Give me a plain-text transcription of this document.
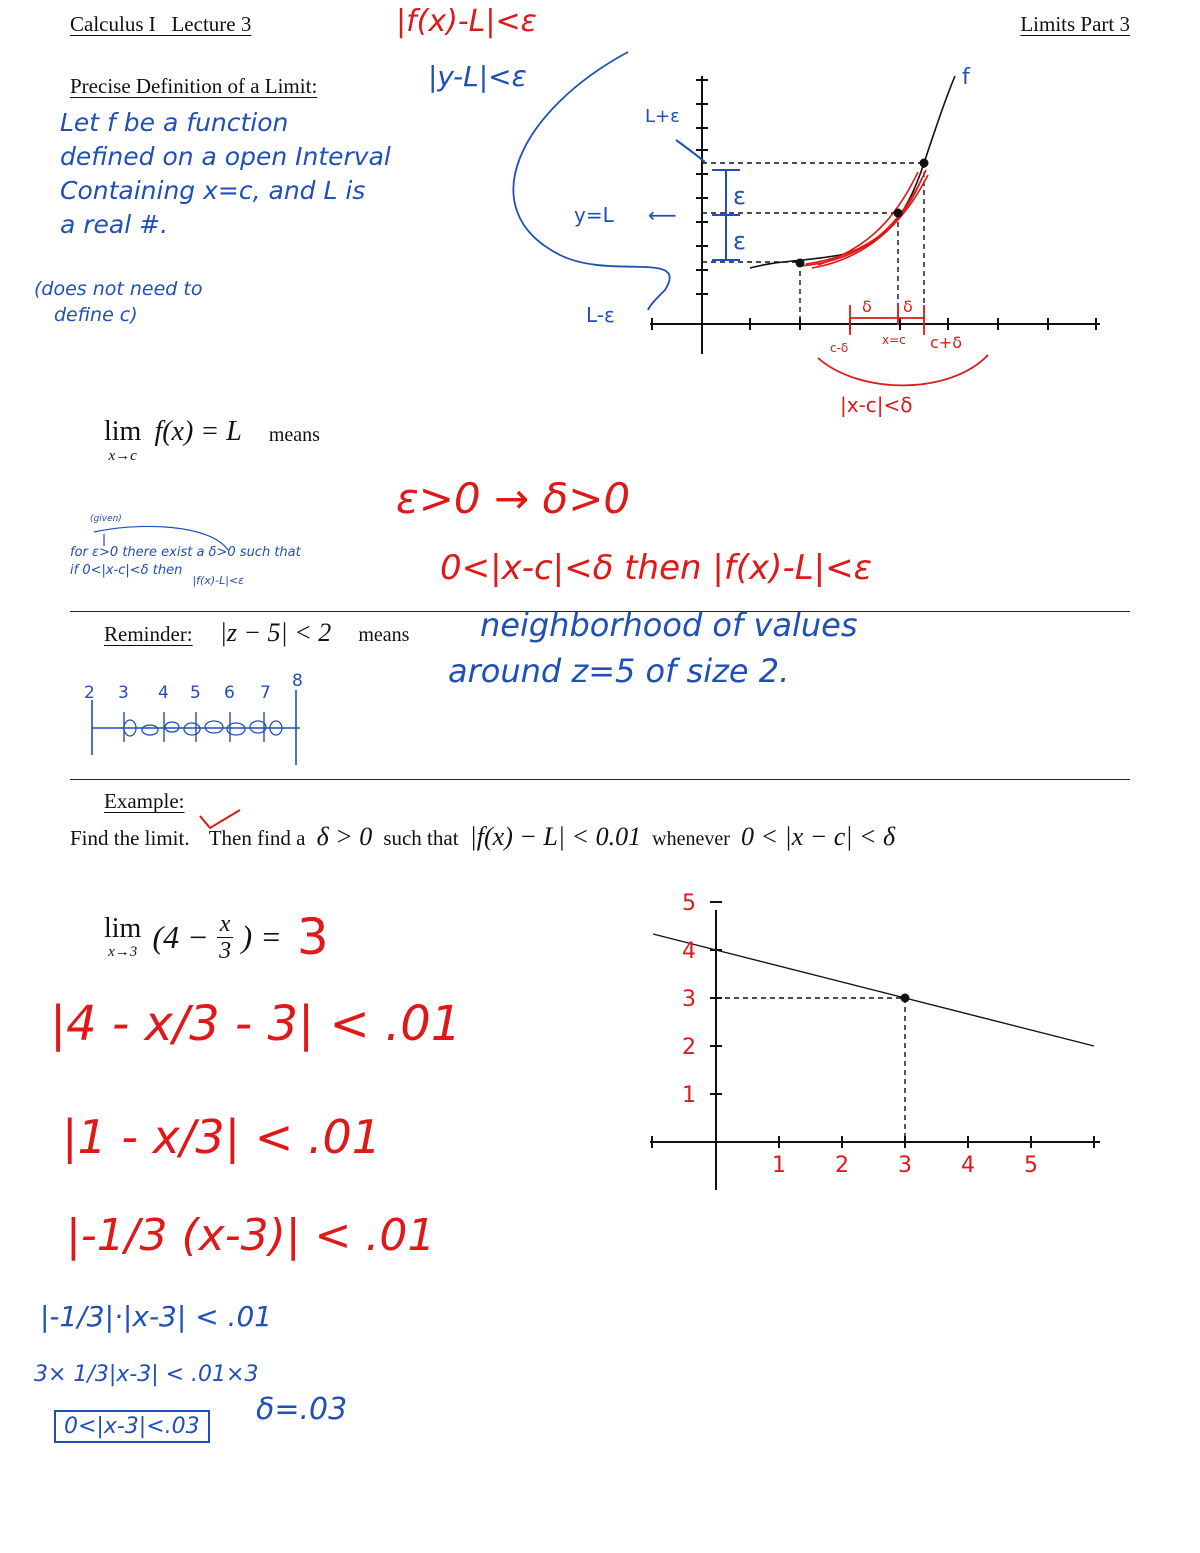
Calculus I Lecture 3	Limits Part 3
Precise Definition of a Limit:
Let f be a function
defined on a open Interval
Containing x=c, and L is
a real #.
(does not need to
define c)
|f(x)-L|<ε
|y-L|<ε	f
L+ε
y=L ⟵
L-ε
ε
ε
δ δ
c-δ
x=c c+δ
|x-c|<δ
lim
x→c
f(x) = L means
(given)
for ε>0 there exist a δ>0 such that
if 0<|x-c|<δ then $_{|f(x)-L|<\varepsilon}$
ε>0 → δ>0
0<|x-c|<δ then |f(x)-L|<ε
Reminder: |z − 5| < 2 means neighborhood of values
around z=5 of size 2.
2 3 4 5 6 7
8
Example:
Find the limit. Then find a δ > 0 such that |f(x) − L| < 0.01 whenever 0 < |x − c| < δ
lim
x→3 ($4 - \frac{x}{3}$ ) = 3
|4 - x/3 - 3| < .01
|1 - x/3| < .01
|-1/3 (x-3)| < .01
|-1/3|·|x-3| < .01
3× 1/3|x-3| < .01×3
0<|x-3|<.03	δ=.03
5
4
3
2
1
1 2 3 4 5
